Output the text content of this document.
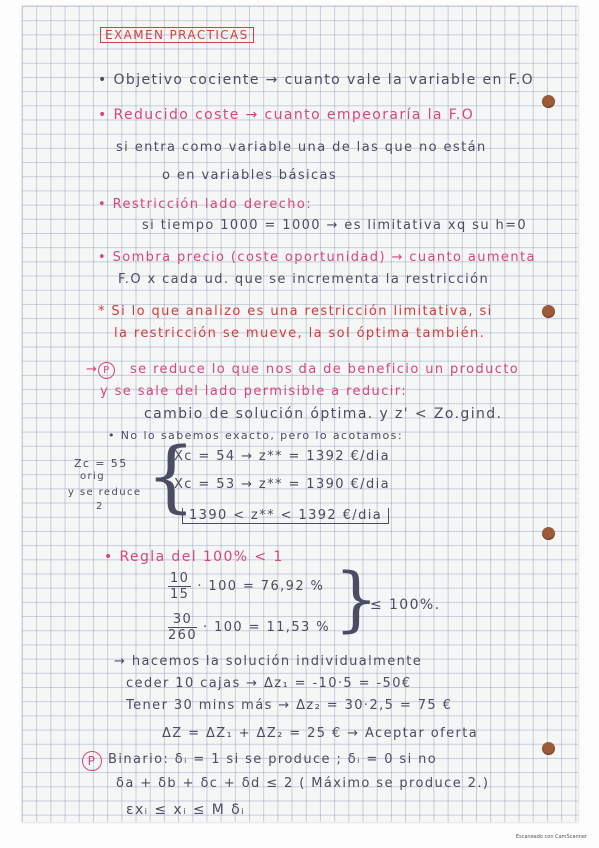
EXAMEN PRACTICAS
• Objetivo cociente → cuanto vale la variable en F.O
• Reducido coste → cuanto empeoraría la F.O
si entra como variable una de las que no están
o en variables básicas
• Restricción lado derecho:
si tiempo 1000 = 1000 → es limitativa xq su h=0
• Sombra precio (coste oportunidad) → cuanto aumenta
F.O x cada ud. que se incrementa la restricción
* Si lo que analizo es una restricción limitativa, si
la restricción se mueve, la sol óptima también.
→ P	se reduce lo que nos da de beneficio un producto
y se sale del lado permisible a reducir:
cambio de solución óptima. y z' < Zo.gind.
• No lo sabemos exacto, pero lo acotamos:
Zc = 55
orig
y se reduce
2 {
Xc = 54 → z** = 1392 €/dia
Xc = 53 → z** = 1390 €/dia
1390 < z** < 1392 €/dia
• Regla del 100% < 1
$\frac{10}{15} \cdot 100 = 76,92$ %
$\frac{30}{260} \cdot 100 = 11,53$ % }
≤ 100%.
→ hacemos la solución individualmente
ceder 10 cajas → Δz₁ = -10·5 = -50€
Tener 30 mins más → Δz₂ = 30·2,5 = 75 €
ΔZ = ΔZ₁ + ΔZ₂ = 25 € → Aceptar oferta
P Binario: δᵢ = 1 si se produce ; δᵢ = 0 si no
δa + δb + δc + δd ≤ 2 ( Máximo se produce 2.)
εxᵢ ≤ xᵢ ≤ M δᵢ
Escaneado con CamScanner
